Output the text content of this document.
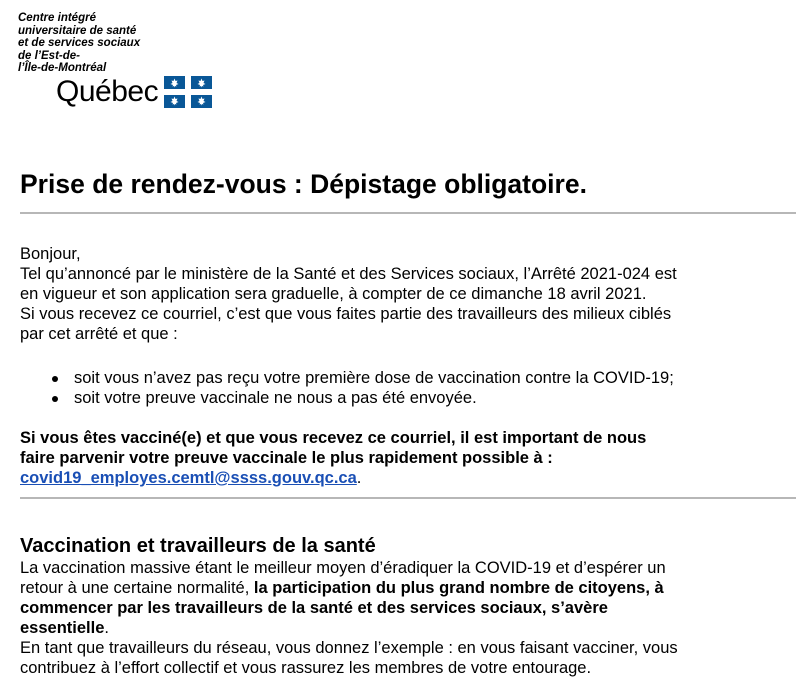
Centre intégré
universitaire de santé
et de services sociaux
de l’Est-de-
l’Île-de-Montréal
Québec
Prise de rendez-vous : Dépistage obligatoire.
Bonjour,
Tel qu’annoncé par le ministère de la Santé et des Services sociaux, l’Arrêté 2021-024 est
en vigueur et son application sera graduelle, à compter de ce dimanche 18 avril 2021.
Si vous recevez ce courriel, c’est que vous faites partie des travailleurs des milieux ciblés
par cet arrêté et que :
soit vous n’avez pas reçu votre première dose de vaccination contre la COVID-19;
soit votre preuve vaccinale ne nous a pas été envoyée.
Si vous êtes vacciné(e) et que vous recevez ce courriel, il est important de nous
faire parvenir votre preuve vaccinale le plus rapidement possible à :
covid19_employes.cemtl@ssss.gouv.qc.ca.
Vaccination et travailleurs de la santé
La vaccination massive étant le meilleur moyen d’éradiquer la COVID-19 et d’espérer un
retour à une certaine normalité, la participation du plus grand nombre de citoyens, à
commencer par les travailleurs de la santé et des services sociaux, s’avère
essentielle.
En tant que travailleurs du réseau, vous donnez l’exemple : en vous faisant vacciner, vous
contribuez à l’effort collectif et vous rassurez les membres de votre entourage.
